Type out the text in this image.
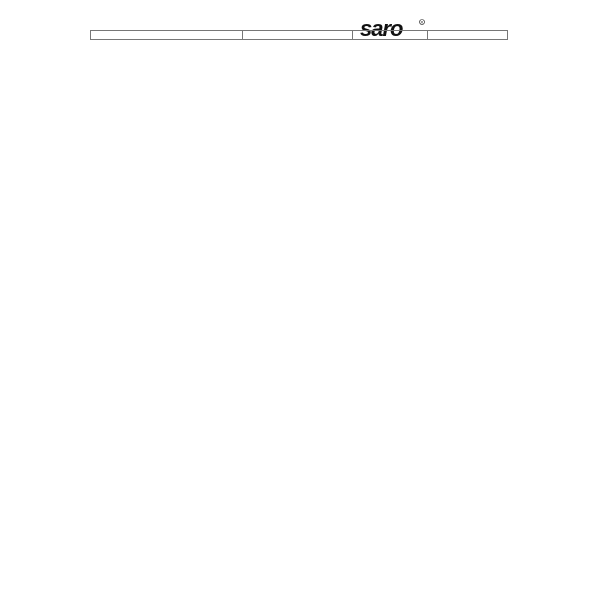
saro	R
